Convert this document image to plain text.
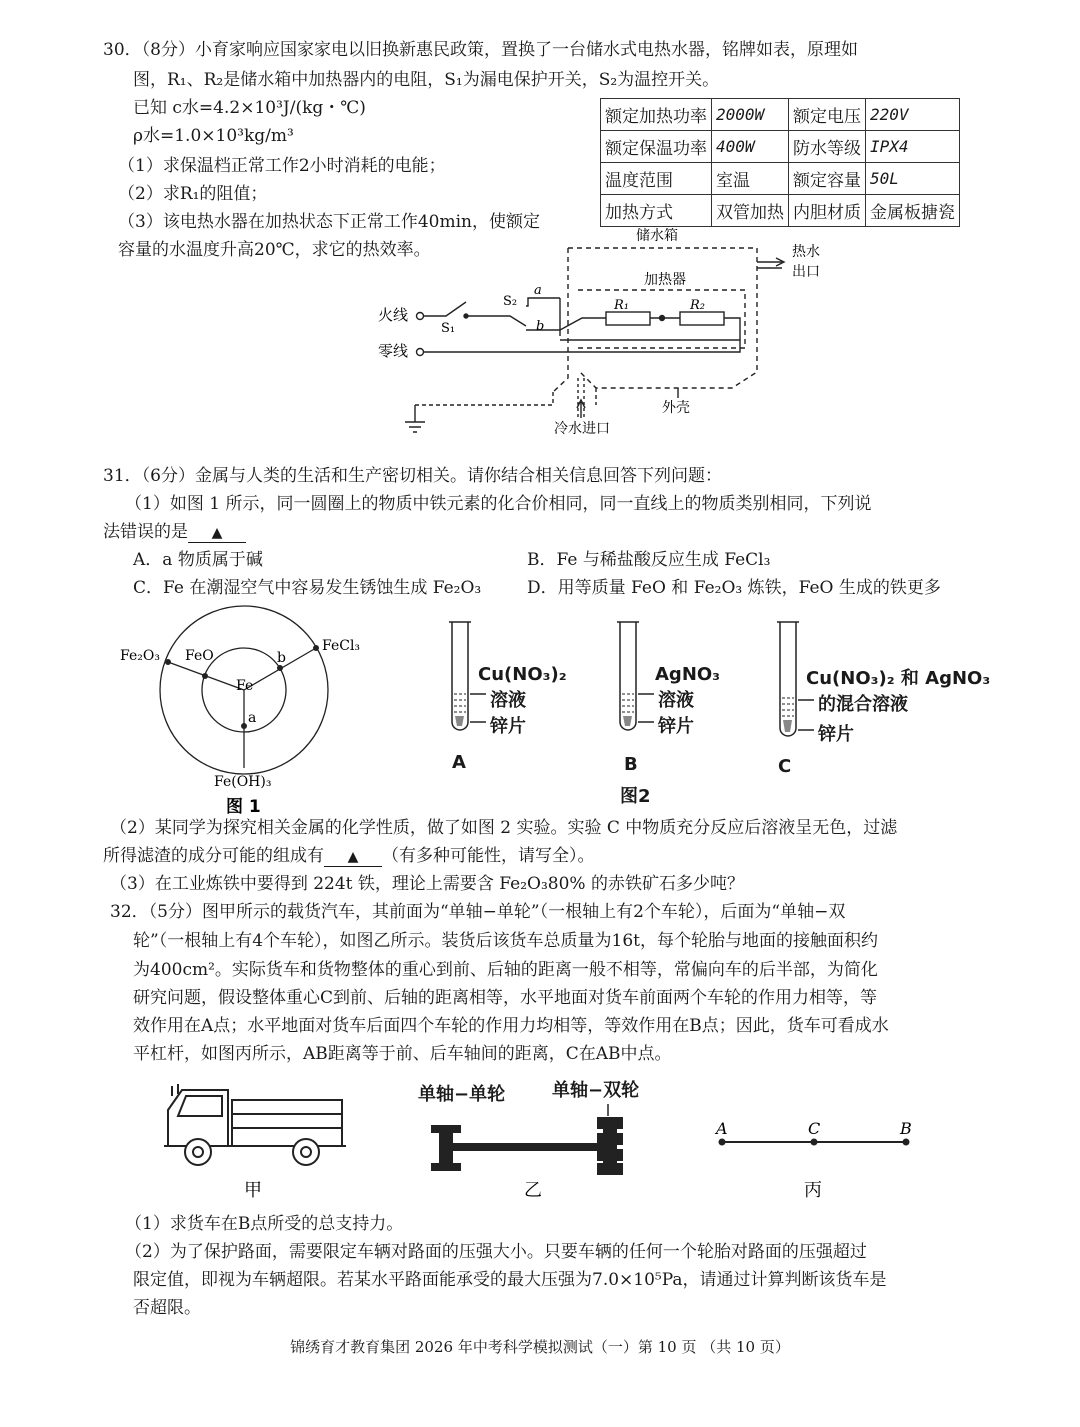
30．（8分）小育家响应国家家电以旧换新惠民政策，置换了一台储水式电热水器，铭牌如表，原理如
图，R₁、R₂是储水箱中加热器内的电阻，S₁为漏电保护开关，S₂为温控开关。
已知 c水=4.2×10³J/(kg・℃)
ρ水=1.0×10³kg/m³
（1）求保温档正常工作2小时消耗的电能；
（2）求R₁的阻值；
（3）该电热水器在加热状态下正常工作40min，使额定
容量的水温度升高20℃，求它的热效率。
额定加热功率	2000W	额定电压	220V
额定保温功率	400W	防水等级	IPX4
温度范围	室温	额定容量	50L
加热方式	双管加热	内胆材质	金属板搪瓷
储水箱
热水
出口
加热器
火线
零线
S₁
S₂
a
b
R₁	R₂
外壳
冷水进口
31．（6分）金属与人类的生活和生产密切相关。请你结合相关信息回答下列问题：
（1）如图 1 所示，同一圆圈上的物质中铁元素的化合价相同，同一直线上的物质类别相同，下列说
法错误的是 ▲
A．a 物质属于碱	B．Fe 与稀盐酸反应生成 FeCl₃
C．Fe 在潮湿空气中容易发生锈蚀生成 Fe₂O₃	D．用等质量 FeO 和 Fe₂O₃ 炼铁，FeO 生成的铁更多
Fe₂O₃ FeO
FeCl₃
Fe
b
a
Fe(OH)₃
图 1
Cu(NO₃)₂
溶液
锌片
A
AgNO₃
溶液
锌片
B
Cu(NO₃)₂ 和 AgNO₃
的混合溶液
锌片
C
图2
（2）某同学为探究相关金属的化学性质，做了如图 2 实验。实验 C 中物质充分反应后溶液呈无色，过滤
所得滤渣的成分可能的组成有 ▲ （有多种可能性，请写全）。
（3）在工业炼铁中要得到 224t 铁，理论上需要含 Fe₂O₃80% 的赤铁矿石多少吨？
32．（5分）图甲所示的载货汽车，其前面为“单轴−单轮”（一根轴上有2个车轮），后面为“单轴−双
轮”（一根轴上有4个车轮），如图乙所示。装货后该货车总质量为16t，每个轮胎与地面的接触面积约
为400cm²。实际货车和货物整体的重心到前、后轴的距离一般不相等，常偏向车的后半部，为简化
研究问题，假设整体重心C到前、后轴的距离相等，水平地面对货车前面两个车轮的作用力相等，等
效作用在A点；水平地面对货车后面四个车轮的作用力均相等，等效作用在B点；因此，货车可看成水
平杠杆，如图丙所示，AB距离等于前、后车轴间的距离，C在AB中点。
甲	乙
A	C	B
丙
单轴−单轮	单轴−双轮
（1）求货车在B点所受的总支持力。
（2）为了保护路面，需要限定车辆对路面的压强大小。只要车辆的任何一个轮胎对路面的压强超过
限定值，即视为车辆超限。若某水平路面能承受的最大压强为7.0×10⁵Pa，请通过计算判断该货车是
否超限。
锦绣育才教育集团 2026 年中考科学模拟测试（一）第 10 页 （共 10 页）
